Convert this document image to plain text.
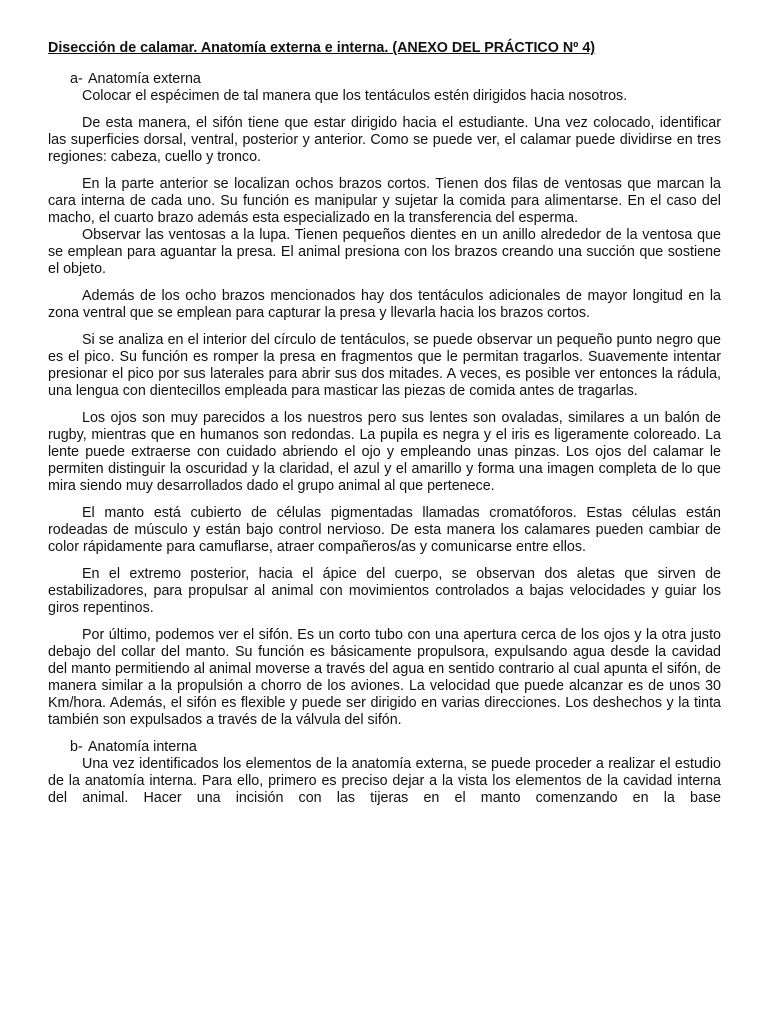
Disección de calamar. Anatomía externa e interna. (ANEXO DEL PRÁCTICO Nº 4)
a- Anatomía externa

Colocar el espécimen de tal manera que los tentáculos estén dirigidos hacia nosotros.

De esta manera, el sifón tiene que estar dirigido hacia el estudiante. Una vez colocado, identificar las superficies dorsal, ventral, posterior y anterior. Como se puede ver, el calamar puede dividirse en tres regiones: cabeza, cuello y tronco.

En la parte anterior se localizan ochos brazos cortos. Tienen dos filas de ventosas que marcan la cara interna de cada uno. Su función es manipular y sujetar la comida para alimentarse. En el caso del macho, el cuarto brazo además esta especializado en la transferencia del esperma.

Observar las ventosas a la lupa. Tienen pequeños dientes en un anillo alrededor de la ventosa que se emplean para aguantar la presa. El animal presiona con los brazos creando una succión que sostiene el objeto.

Además de los ocho brazos mencionados hay dos tentáculos adicionales de mayor longitud en la zona ventral que se emplean para capturar la presa y llevarla hacia los brazos cortos.

Si se analiza en el interior del círculo de tentáculos, se puede observar un pequeño punto negro que es el pico. Su función es romper la presa en fragmentos que le permitan tragarlos. Suavemente intentar presionar el pico por sus laterales para abrir sus dos mitades. A veces, es posible ver entonces la rádula, una lengua con dientecillos empleada para masticar las piezas de comida antes de tragarlas.

Los ojos son muy parecidos a los nuestros pero sus lentes son ovaladas, similares a un balón de rugby, mientras que en humanos son redondas. La pupila es negra y el iris es ligeramente coloreado. La lente puede extraerse con cuidado abriendo el ojo y empleando unas pinzas. Los ojos del calamar le permiten distinguir la oscuridad y la claridad, el azul y el amarillo y forma una imagen completa de lo que mira siendo muy desarrollados dado el grupo animal al que pertenece.

El manto está cubierto de células pigmentadas llamadas cromatóforos. Estas células están rodeadas de músculo y están bajo control nervioso. De esta manera los calamares pueden cambiar de color rápidamente para camuflarse, atraer compañeros/as y comunicarse entre ellos.

En el extremo posterior, hacia el ápice del cuerpo, se observan dos aletas que sirven de estabilizadores, para propulsar al animal con movimientos controlados a bajas velocidades y guiar los giros repentinos.

Por último, podemos ver el sifón. Es un corto tubo con una apertura cerca de los ojos y la otra justo debajo del collar del manto. Su función es básicamente propulsora, expulsando agua desde la cavidad del manto permitiendo al animal moverse a través del agua en sentido contrario al cual apunta el sifón, de manera similar a la propulsión a chorro de los aviones. La velocidad que puede alcanzar es de unos 30 Km/hora. Además, el sifón es flexible y puede ser dirigido en varias direcciones. Los deshechos y la tinta también son expulsados a través de la válvula del sifón.

b- Anatomía interna

Una vez identificados los elementos de la anatomía externa, se puede proceder a realizar el estudio de la anatomía interna. Para ello, primero es preciso dejar a la vista los elementos de la cavidad interna del animal. Hacer una incisión con las tijeras en el manto comenzando en la base
